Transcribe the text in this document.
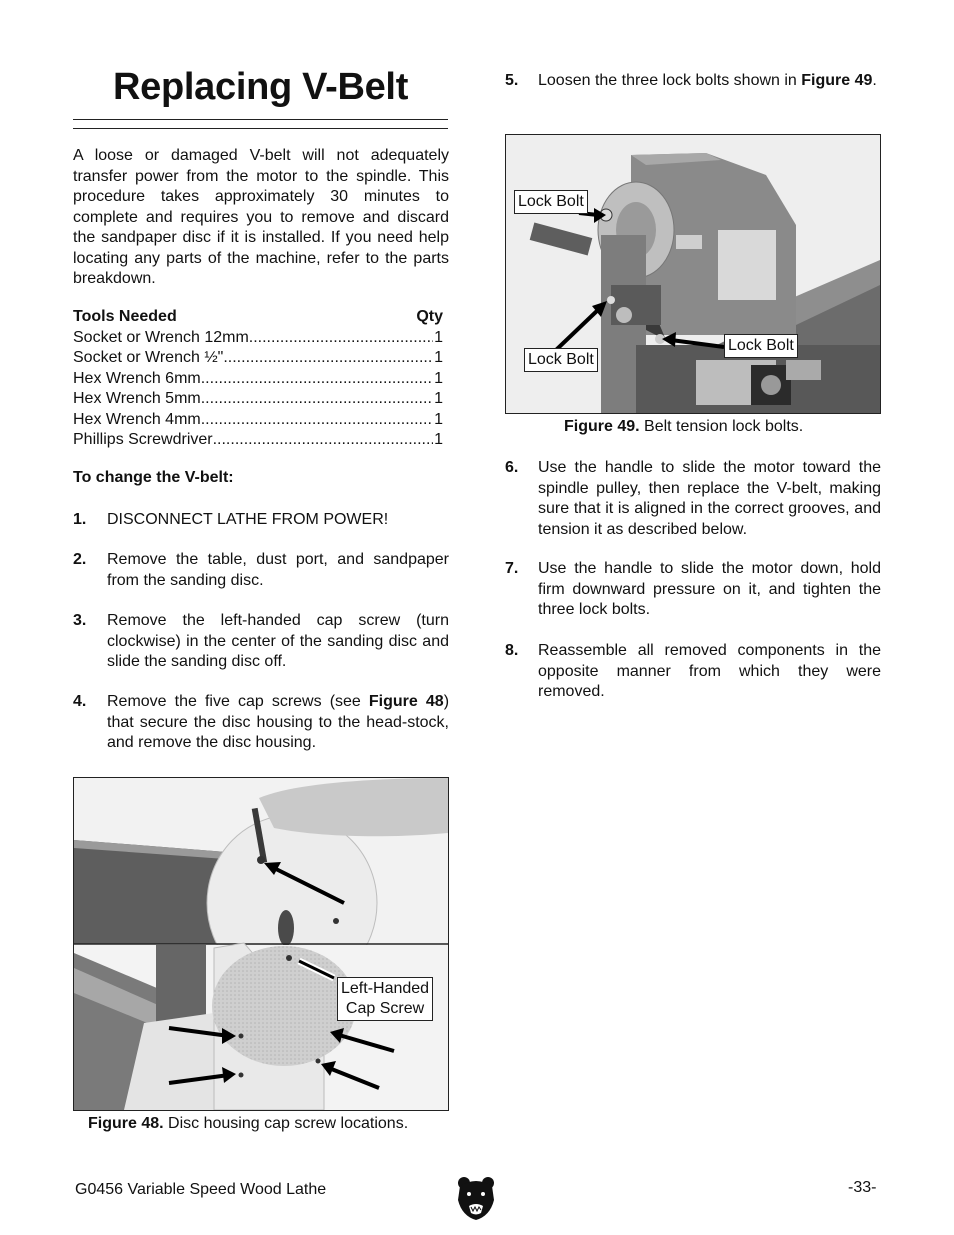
Replacing V-Belt
A loose or damaged V-belt will not adequately transfer power from the motor to the spindle. This procedure takes approximately 30 minutes to complete and requires you to remove and discard the sandpaper disc if it is installed. If you need help locating any parts of the machine, refer to the parts breakdown.
Tools Needed	Qty
Socket or Wrench 12mm .....	1
Socket or Wrench ½" .....	1
Hex Wrench 6mm .....	1
Hex Wrench 5mm .....	1
Hex Wrench 4mm .....	1
Phillips Screwdriver .....	1
To change the V-belt:
1. DISCONNECT LATHE FROM POWER!
2. Remove the table, dust port, and sandpaper from the sanding disc.
3. Remove the left-handed cap screw (turn clockwise) in the center of the sanding disc and slide the sanding disc off.
4. Remove the five cap screws (see Figure 48) that secure the disc housing to the head-stock, and remove the disc housing.
Left-Handed
Cap Screw
Figure 48. Disc housing cap screw locations.
5. Loosen the three lock bolts shown in Figure 49.
Lock Bolt
Lock Bolt
Lock Bolt
Figure 49. Belt tension lock bolts.
6. Use the handle to slide the motor toward the spindle pulley, then replace the V-belt, making sure that it is aligned in the correct grooves, and tension it as described below.
7. Use the handle to slide the motor down, hold firm downward pressure on it, and tighten the three lock bolts.
8. Reassemble all removed components in the opposite manner from which they were removed.
G0456 Variable Speed Wood Lathe	-33-
